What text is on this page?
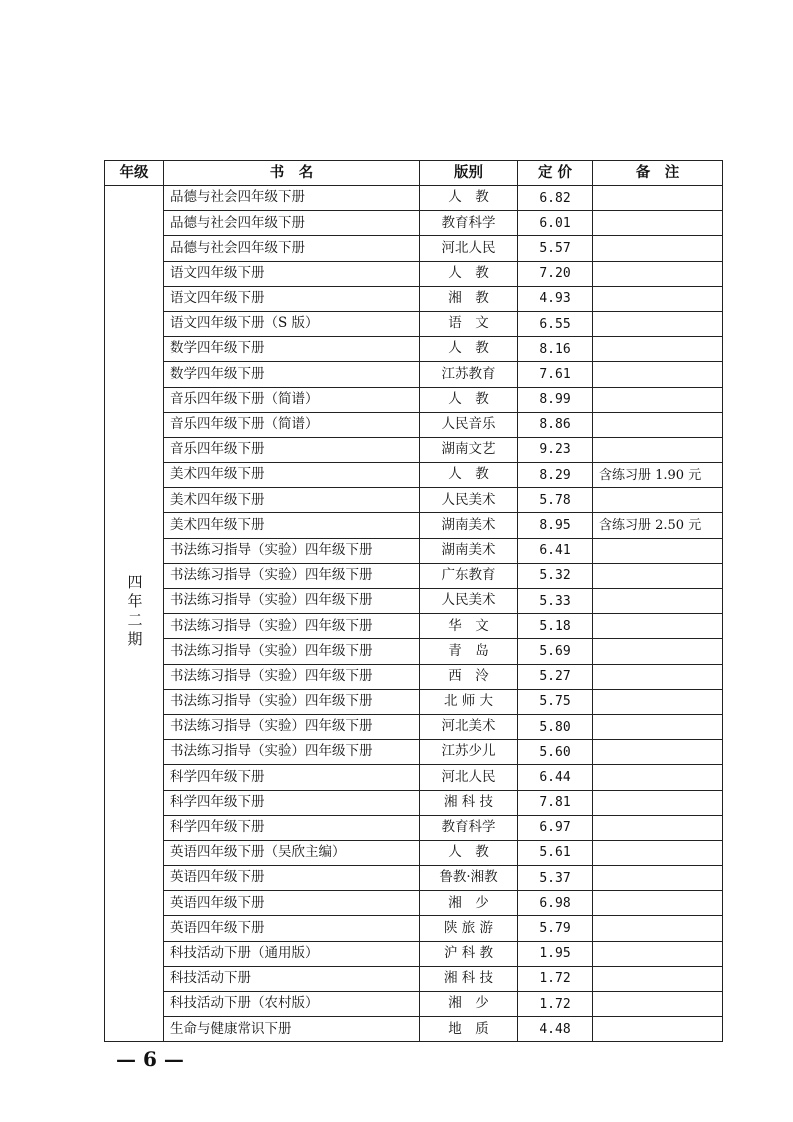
年级	书　名	版别	定 价	备　注
四年二期	品德与社会四年级下册	人　教	6.82	
	品德与社会四年级下册	教育科学	6.01	
	品德与社会四年级下册	河北人民	5.57	
	语文四年级下册	人　教	7.20	
	语文四年级下册	湘　教	4.93	
	语文四年级下册（S 版）	语　文	6.55	
	数学四年级下册	人　教	8.16	
	数学四年级下册	江苏教育	7.61	
	音乐四年级下册（简谱）	人　教	8.99	
	音乐四年级下册（简谱）	人民音乐	8.86	
	音乐四年级下册	湖南文艺	9.23	
	美术四年级下册	人　教	8.29	含练习册 1.90 元
	美术四年级下册	人民美术	5.78	
	美术四年级下册	湖南美术	8.95	含练习册 2.50 元
	书法练习指导（实验）四年级下册	湖南美术	6.41	
	书法练习指导（实验）四年级下册	广东教育	5.32	
	书法练习指导（实验）四年级下册	人民美术	5.33	
	书法练习指导（实验）四年级下册	华　文	5.18	
	书法练习指导（实验）四年级下册	青　岛	5.69	
	书法练习指导（实验）四年级下册	西　泠	5.27	
	书法练习指导（实验）四年级下册	北 师 大	5.75	
	书法练习指导（实验）四年级下册	河北美术	5.80	
	书法练习指导（实验）四年级下册	江苏少儿	5.60	
	科学四年级下册	河北人民	6.44	
	科学四年级下册	湘 科 技	7.81	
	科学四年级下册	教育科学	6.97	
	英语四年级下册（吴欣主编）	人　教	5.61	
	英语四年级下册	鲁教·湘教	5.37	
	英语四年级下册	湘　少	6.98	
	英语四年级下册	陕 旅 游	5.79	
	科技活动下册（通用版）	沪 科 教	1.95	
	科技活动下册	湘 科 技	1.72	
	科技活动下册（农村版）	湘　少	1.72	
	生命与健康常识下册	地　质	4.48	
— 6 —
